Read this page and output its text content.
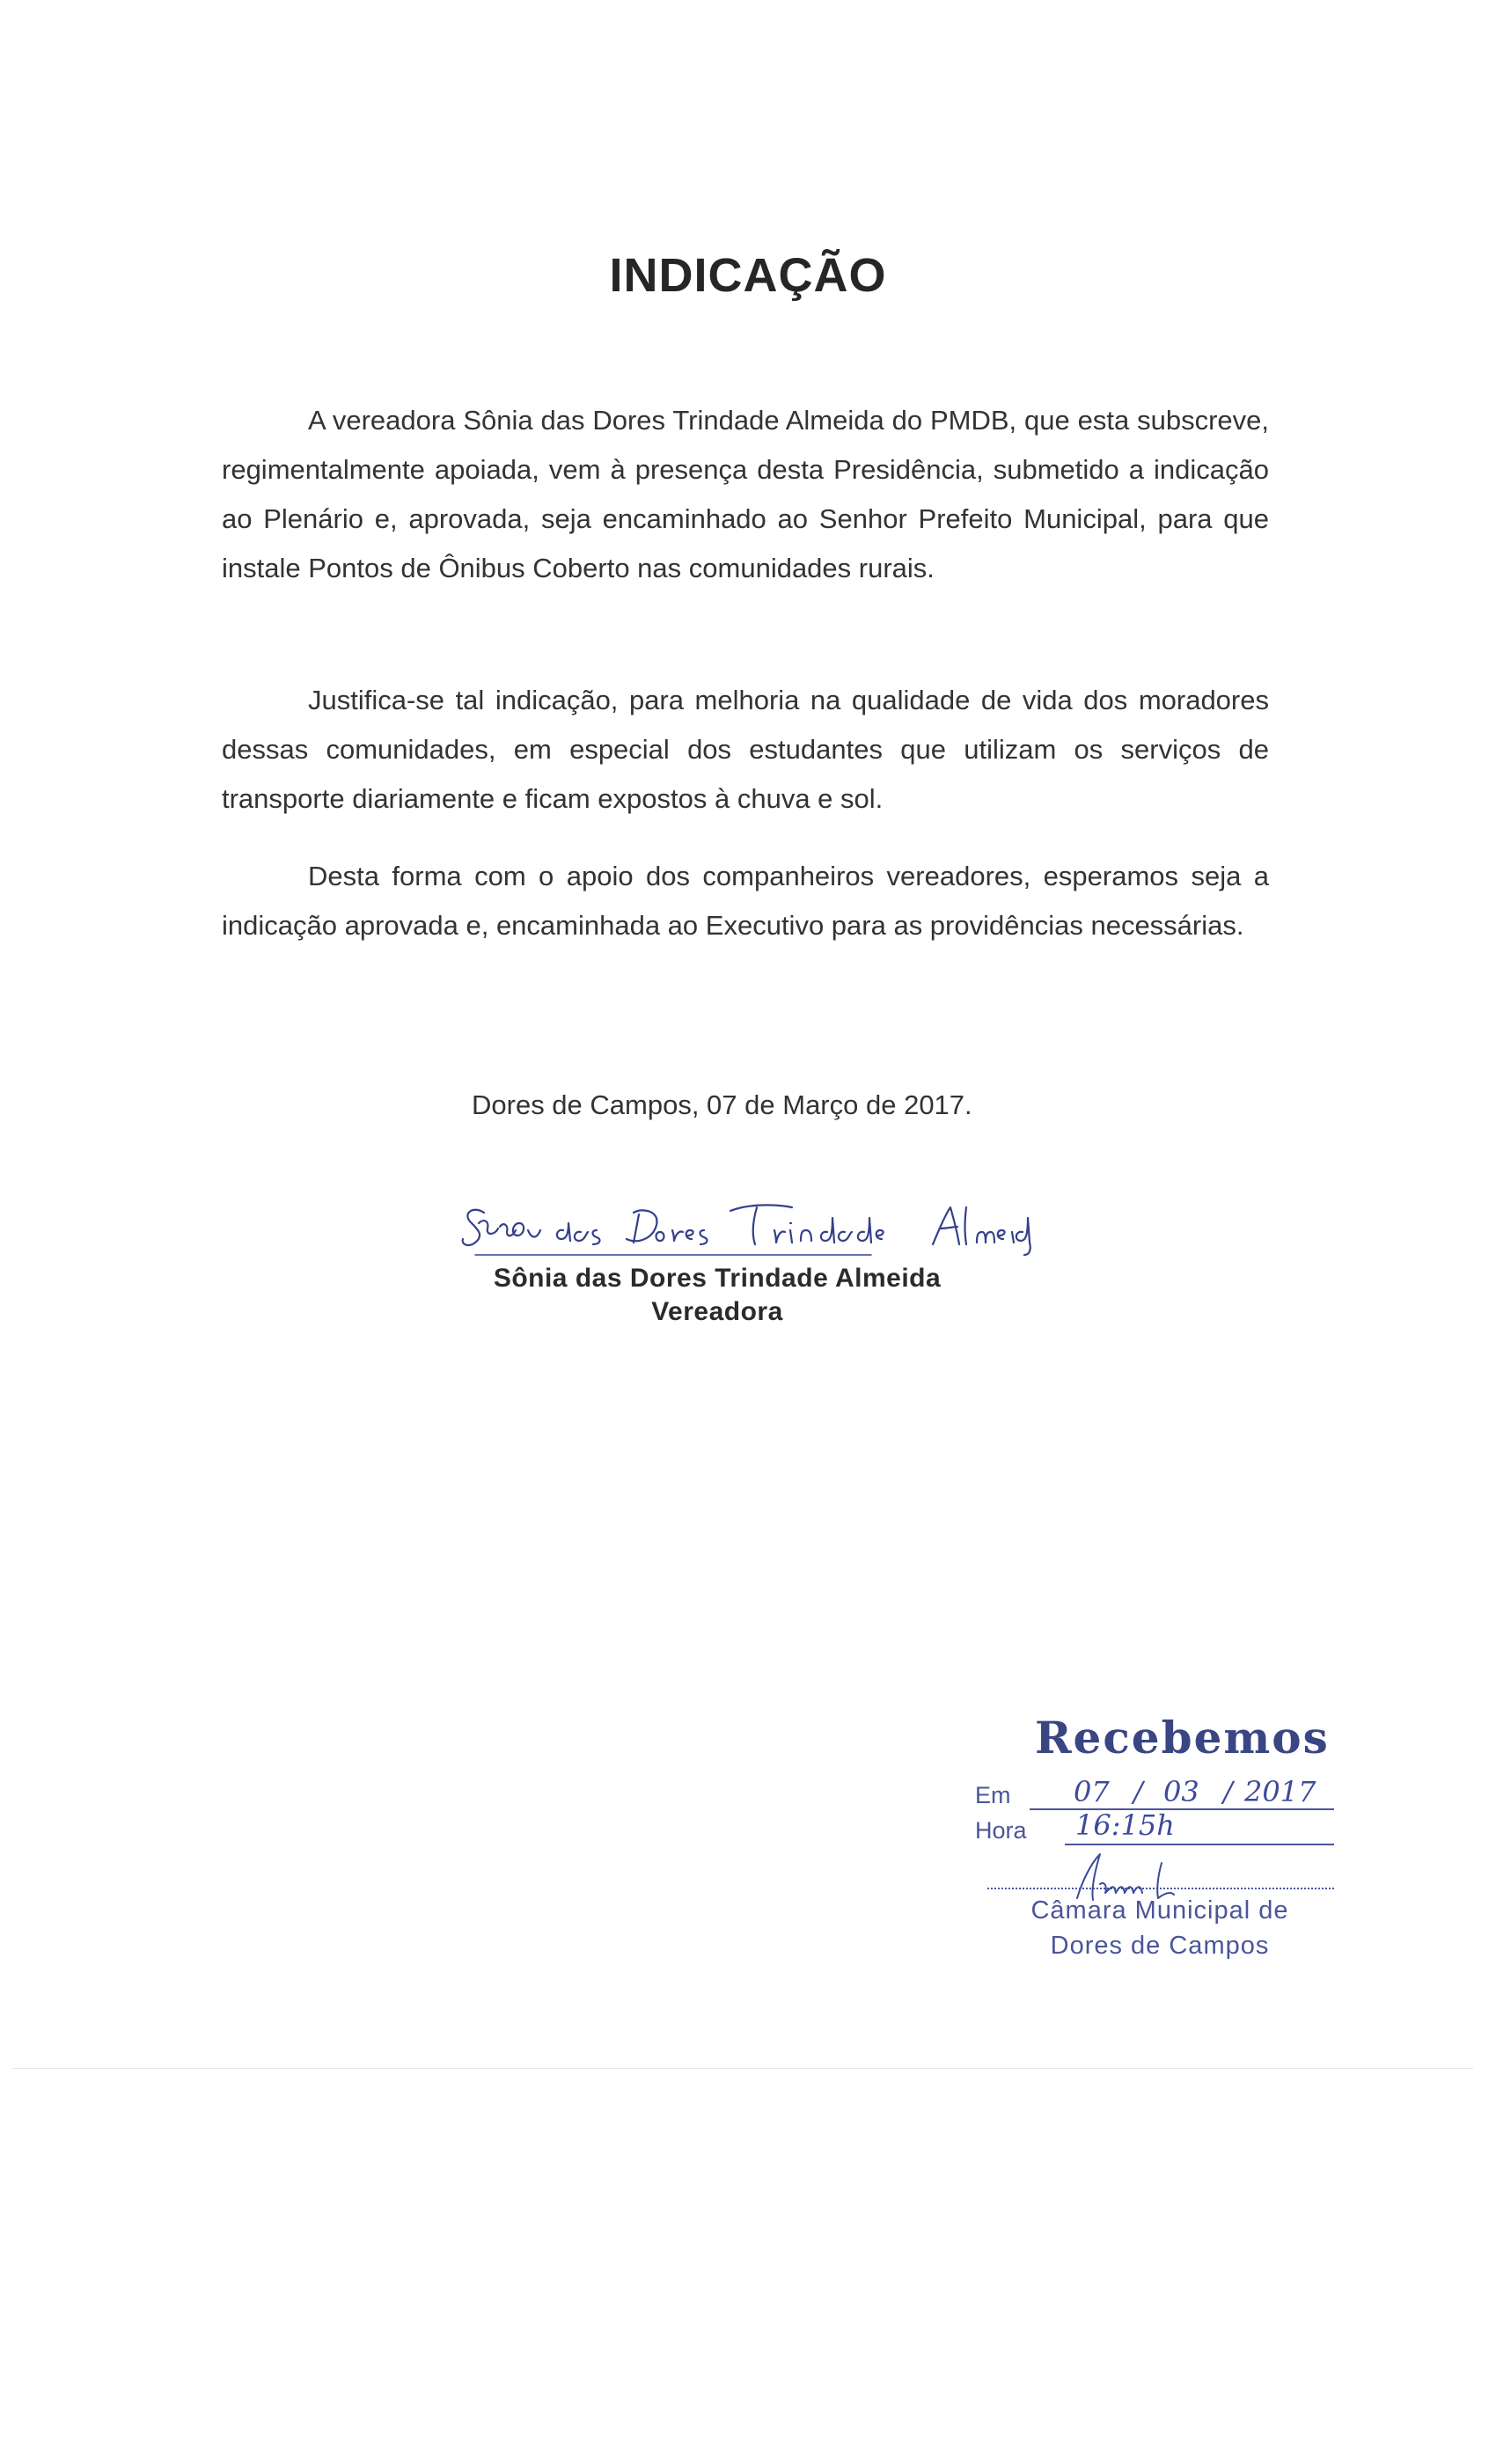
INDICAÇÃO

A vereadora Sônia das Dores Trindade Almeida do PMDB, que esta subscreve, regimentalmente apoiada, vem à presença desta Presidência, submetido a indicação ao Plenário e, aprovada, seja encaminhado ao Senhor Prefeito Municipal, para que instale Pontos de Ônibus Coberto nas comunidades rurais.

Justifica-se tal indicação, para melhoria na qualidade de vida dos moradores dessas comunidades, em especial dos estudantes que utilizam os serviços de transporte diariamente e ficam expostos à chuva e sol.

Desta forma com o apoio dos companheiros vereadores, esperamos seja a indicação aprovada e, encaminhada ao Executivo para as providências necessárias.

Dores de Campos, 07 de Março de 2017.
Sônia das Dores Trindade Almeida
Vereadora
Recebemos
Em 07 / 03 / 2017
Hora 16:15h
Câmara Municipal de
Dores de Campos
